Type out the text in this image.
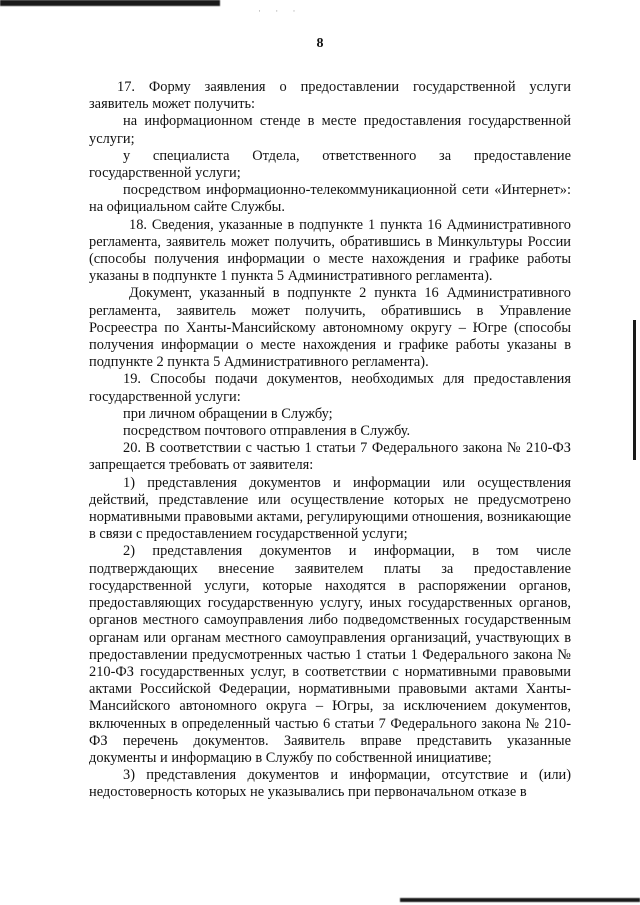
· · ·
8

17. Форму заявления о предоставлении государственной услуги заявитель может получить:

на информационном стенде в месте предоставления государственной услуги;

у специалиста Отдела, ответственного за предоставление государственной услуги;

посредством информационно-телекоммуникационной сети «Интернет»: на официальном сайте Службы.

18. Сведения, указанные в подпункте 1 пункта 16 Административного регламента, заявитель может получить, обратившись в Минкультуры России (способы получения информации о месте нахождения и графике работы указаны в подпункте 1 пункта 5 Административного регламента).

Документ, указанный в подпункте 2 пункта 16 Административного регламента, заявитель может получить, обратившись в Управление Росреестра по Ханты-Мансийскому автономному округу – Югре (способы получения информации о месте нахождения и графике работы указаны в подпункте 2 пункта 5 Административного регламента).

19. Способы подачи документов, необходимых для предоставления государственной услуги:

при личном обращении в Службу;

посредством почтового отправления в Службу.

20. В соответствии с частью 1 статьи 7 Федерального закона № 210-ФЗ запрещается требовать от заявителя:

1) представления документов и информации или осуществления действий, представление или осуществление которых не предусмотрено нормативными правовыми актами, регулирующими отношения, возникающие в связи с предоставлением государственной услуги;

2) представления документов и информации, в том числе подтверждающих внесение заявителем платы за предоставление государственной услуги, которые находятся в распоряжении органов, предоставляющих государственную услугу, иных государственных органов, органов местного самоуправления либо подведомственных государственным органам или органам местного самоуправления организаций, участвующих в предоставлении предусмотренных частью 1 статьи 1 Федерального закона № 210-ФЗ государственных услуг, в соответствии с нормативными правовыми актами Российской Федерации, нормативными правовыми актами Ханты-Мансийского автономного округа – Югры, за исключением документов, включенных в определенный частью 6 статьи 7 Федерального закона № 210-ФЗ перечень документов. Заявитель вправе представить указанные документы и информацию в Службу по собственной инициативе;

3) представления документов и информации, отсутствие и (или) недостоверность которых не указывались при первоначальном отказе в
